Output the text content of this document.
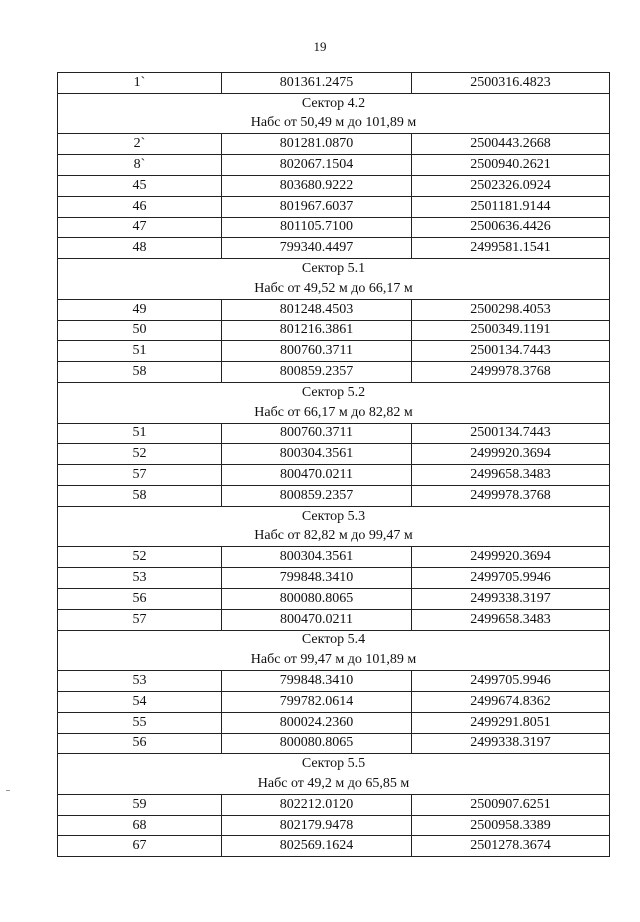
19
1`	801361.2475	2500316.4823
Сектор 4.2		
Набс от 50,49 м до 101,89 м		
2`	801281.0870	2500443.2668
8`	802067.1504	2500940.2621
45	803680.9222	2502326.0924
46	801967.6037	2501181.9144
47	801105.7100	2500636.4426
48	799340.4497	2499581.1541
Сектор 5.1		
Набс от 49,52 м до 66,17 м		
49	801248.4503	2500298.4053
50	801216.3861	2500349.1191
51	800760.3711	2500134.7443
58	800859.2357	2499978.3768
Сектор 5.2		
Набс от 66,17 м до 82,82 м		
51	800760.3711	2500134.7443
52	800304.3561	2499920.3694
57	800470.0211	2499658.3483
58	800859.2357	2499978.3768
Сектор 5.3		
Набс от 82,82 м до 99,47 м		
52	800304.3561	2499920.3694
53	799848.3410	2499705.9946
56	800080.8065	2499338.3197
57	800470.0211	2499658.3483
Сектор 5.4		
Набс от 99,47 м до 101,89 м		
53	799848.3410	2499705.9946
54	799782.0614	2499674.8362
55	800024.2360	2499291.8051
56	800080.8065	2499338.3197
Сектор 5.5		
Набс от 49,2 м до 65,85 м		
59	802212.0120	2500907.6251
68	802179.9478	2500958.3389
67	802569.1624	2501278.3674
